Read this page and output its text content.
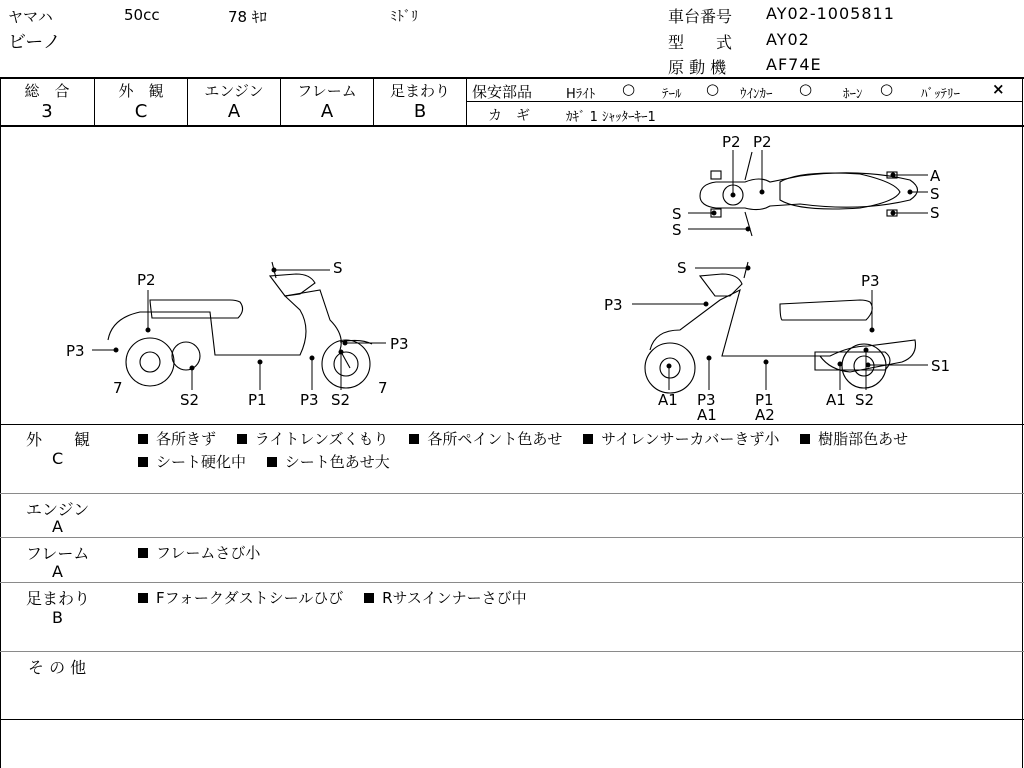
ヤマハ	50cc	78 ｷﾛ	ﾐﾄﾞﾘ
ビーノ
車台番号 AY02-1005811
型　　式 AY02
原 動 機 AF74E
総　合
3
外　観
C
エンジン
A
フレーム
A
足まわり
B
保安部品	Hﾗｲﾄ ○ ﾃｰﾙ ○ ｳｲﾝｶｰ ○ ﾎｰﾝ ○ ﾊﾞｯﾃﾘｰ ×
カ　ギ	ｶｷﾞ 1 ｼｬｯﾀｰｷｰ1
P2 P2
A
S
S
S
S
S
P2
P3	P3
7	7
S2	P1 P3 S2
S
P3
P3
S1
A1 P3
A1
P1
A2
A1 S2
外　　観
C
各所きず	ライトレンズくもり	各所ペイント色あせ	サイレンサーカバーきず小	樹脂部色あせ
シート硬化中	シート色あせ大
エンジン
A
フレーム
A
フレームさび小
足まわり
B
Fフォークダストシールひび	Rサスインナーさび中
そ の 他
